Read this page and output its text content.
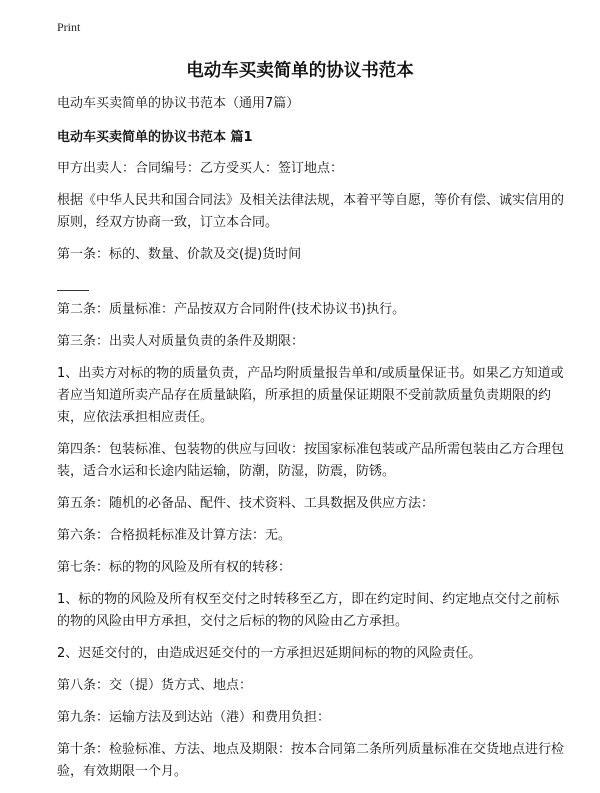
Print
电动车买卖简单的协议书范本
电动车买卖简单的协议书范本（通用7篇）
电动车买卖简单的协议书范本 篇1

甲方出卖人：合同编号：乙方受买人：签订地点：

根据《中华人民共和国合同法》及相关法律法规，本着平等自愿，等价有偿、诚实信用的原则，经双方协商一致，订立本合同。

第一条：标的、数量、价款及交(提)货时间

第二条：质量标准：产品按双方合同附件(技术协议书)执行。

第三条：出卖人对质量负责的条件及期限：

1、出卖方对标的物的质量负责，产品均附质量报告单和/或质量保证书。如果乙方知道或者应当知道所卖产品存在质量缺陷，所承担的质量保证期限不受前款质量负责期限的约束，应依法承担相应责任。

第四条：包装标准、包装物的供应与回收：按国家标准包装或产品所需包装由乙方合理包装，适合水运和长途内陆运输，防潮，防湿，防震，防锈。

第五条：随机的必备品、配件、技术资料、工具数据及供应方法：

第六条：合格损耗标准及计算方法：无。

第七条：标的物的风险及所有权的转移：

1、标的物的风险及所有权至交付之时转移至乙方，即在约定时间、约定地点交付之前标的物的风险由甲方承担，交付之后标的物的风险由乙方承担。

2、迟延交付的，由造成迟延交付的一方承担迟延期间标的物的风险责任。

第八条：交（提）货方式、地点：

第九条：运输方法及到达站（港）和费用负担：

第十条：检验标准、方法、地点及期限：按本合同第二条所列质量标准在交货地点进行检验，有效期限一个月。
